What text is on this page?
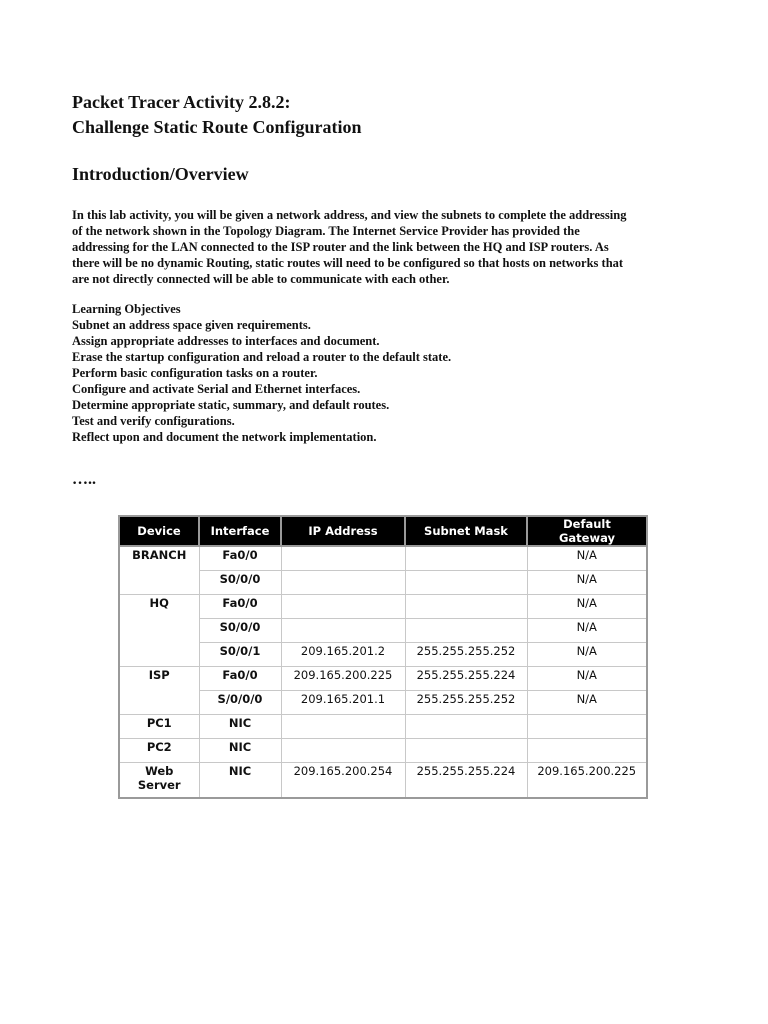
Packet Tracer Activity 2.8.2:

Challenge Static Route Configuration

Introduction/Overview

In this lab activity, you will be given a network address, and view the subnets to complete the addressing

of the network shown in the Topology Diagram. The Internet Service Provider has provided the

addressing for the LAN connected to the ISP router and the link between the HQ and ISP routers. As

there will be no dynamic Routing, static routes will need to be configured so that hosts on networks that

are not directly connected will be able to communicate with each other.

Learning Objectives
Subnet an address space given requirements.
Assign appropriate addresses to interfaces and document.
Erase the startup configuration and reload a router to the default state.
Perform basic configuration tasks on a router.
Configure and activate Serial and Ethernet interfaces.
Determine appropriate static, summary, and default routes.
Test and verify configurations.
Reflect upon and document the network implementation.
…..
Device	Interface	IP Address	Subnet Mask	Default Gateway
BRANCH	Fa0/0			N/A
	S0/0/0			N/A
HQ	Fa0/0			N/A
	S0/0/0			N/A
	S0/0/1	209.165.201.2	255.255.255.252	N/A
ISP	Fa0/0	209.165.200.225	255.255.255.224	N/A
	S/0/0/0	209.165.201.1	255.255.255.252	N/A
PC1	NIC			
PC2	NIC			
Web Server	NIC	209.165.200.254	255.255.255.224	209.165.200.225
